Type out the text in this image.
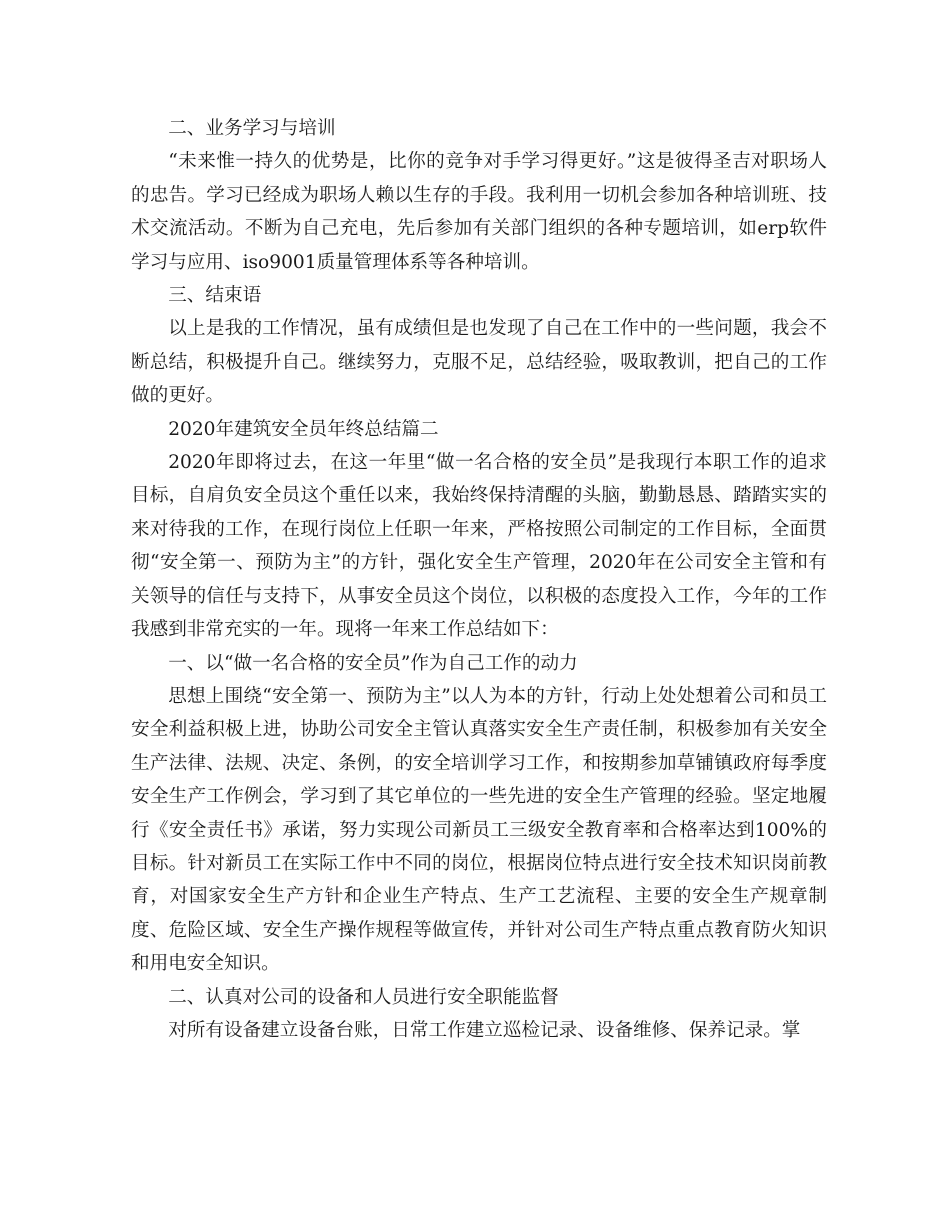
二、业务学习与培训

“未来惟一持久的优势是，比你的竞争对手学习得更好。”这是彼得圣吉对职场人的忠告。学习已经成为职场人赖以生存的手段。我利用一切机会参加各种培训班、技术交流活动。不断为自己充电，先后参加有关部门组织的各种专题培训，如erp软件学习与应用、iso9001质量管理体系等各种培训。

三、结束语

以上是我的工作情况，虽有成绩但是也发现了自己在工作中的一些问题，我会不断总结，积极提升自己。继续努力，克服不足，总结经验，吸取教训，把自己的工作做的更好。

2020年建筑安全员年终总结篇二

2020年即将过去，在这一年里“做一名合格的安全员”是我现行本职工作的追求目标，自肩负安全员这个重任以来，我始终保持清醒的头脑，勤勤恳恳、踏踏实实的来对待我的工作，在现行岗位上任职一年来，严格按照公司制定的工作目标，全面贯彻“安全第一、预防为主”的方针，强化安全生产管理，2020年在公司安全主管和有关领导的信任与支持下，从事安全员这个岗位，以积极的态度投入工作，今年的工作我感到非常充实的一年。现将一年来工作总结如下：

一、以“做一名合格的安全员”作为自己工作的动力

思想上围绕“安全第一、预防为主”以人为本的方针，行动上处处想着公司和员工安全利益积极上进，协助公司安全主管认真落实安全生产责任制，积极参加有关安全生产法律、法规、决定、条例，的安全培训学习工作，和按期参加草铺镇政府每季度安全生产工作例会，学习到了其它单位的一些先进的安全生产管理的经验。坚定地履行《安全责任书》承诺，努力实现公司新员工三级安全教育率和合格率达到100%的目标。针对新员工在实际工作中不同的岗位，根据岗位特点进行安全技术知识岗前教育，对国家安全生产方针和企业生产特点、生产工艺流程、主要的安全生产规章制度、危险区域、安全生产操作规程等做宣传，并针对公司生产特点重点教育防火知识和用电安全知识。

二、认真对公司的设备和人员进行安全职能监督

对所有设备建立设备台账，日常工作建立巡检记录、设备维修、保养记录。掌
